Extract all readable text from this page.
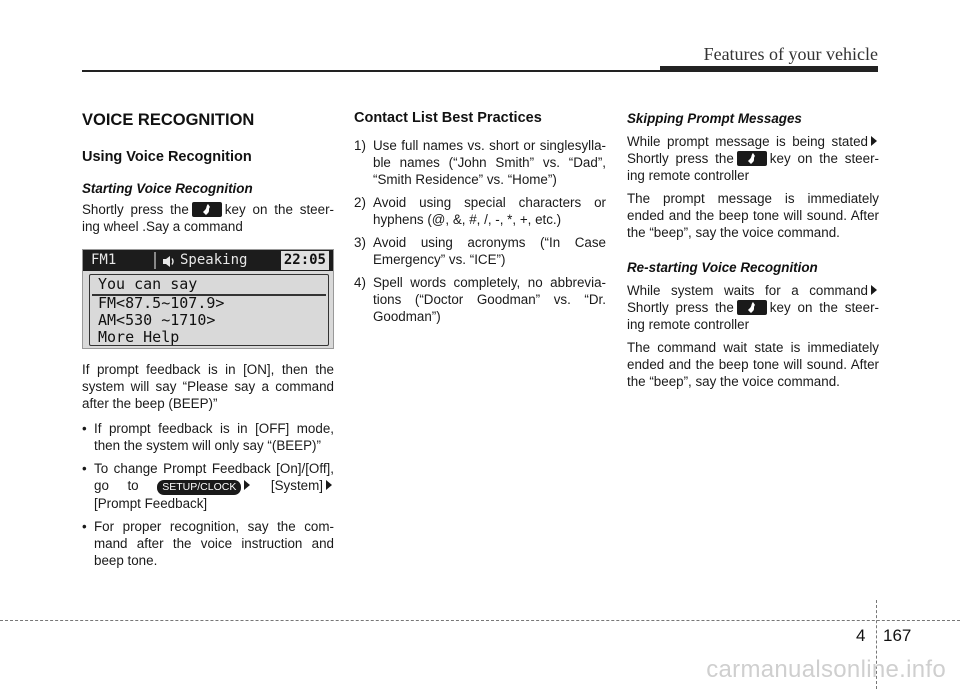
Features of your vehicle
VOICE RECOGNITION
Using Voice Recognition
Starting Voice Recognition

Shortly press the	key on the steer-ing wheel .Say a command

FM1	Speaking	22:05
You can say
FM<87.5~107.9>
AM<530 ~1710>
More Help

If prompt feedback is in [ON], then the system will say “Please say a command after the beep (BEEP)”

• If prompt feedback is in [OFF] mode, then the system will only say “(BEEP)”
• To change Prompt Feedback [On]/[Off], go to SETUP/CLOCK	[System][Prompt Feedback]
• For proper recognition, say the com-mand after the voice instruction and beep tone.
Contact List Best Practices
1) Use full names vs. short or singlesylla-ble names (“John Smith” vs. “Dad”, “Smith Residence” vs. “Home”)
2) Avoid using special characters or hyphens (@, &, #, /, -, *, +, etc.)
3) Avoid using acronyms (“In Case Emergency” vs. “ICE”)
4) Spell words completely, no abbrevia-tions (“Doctor Goodman” vs. “Dr. Goodman”)
Skipping Prompt Messages

While prompt message is being stated Shortly press the	key on the steer-ing remote controller

The prompt message is immediately ended and the beep tone will sound. After the “beep”, say the voice command.

Re-starting Voice Recognition

While system waits for a command Shortly press the	key on the steer-ing remote controller

The command wait state is immediately ended and the beep tone will sound. After the “beep”, say the voice command.

4 167
carmanualsonline.info
